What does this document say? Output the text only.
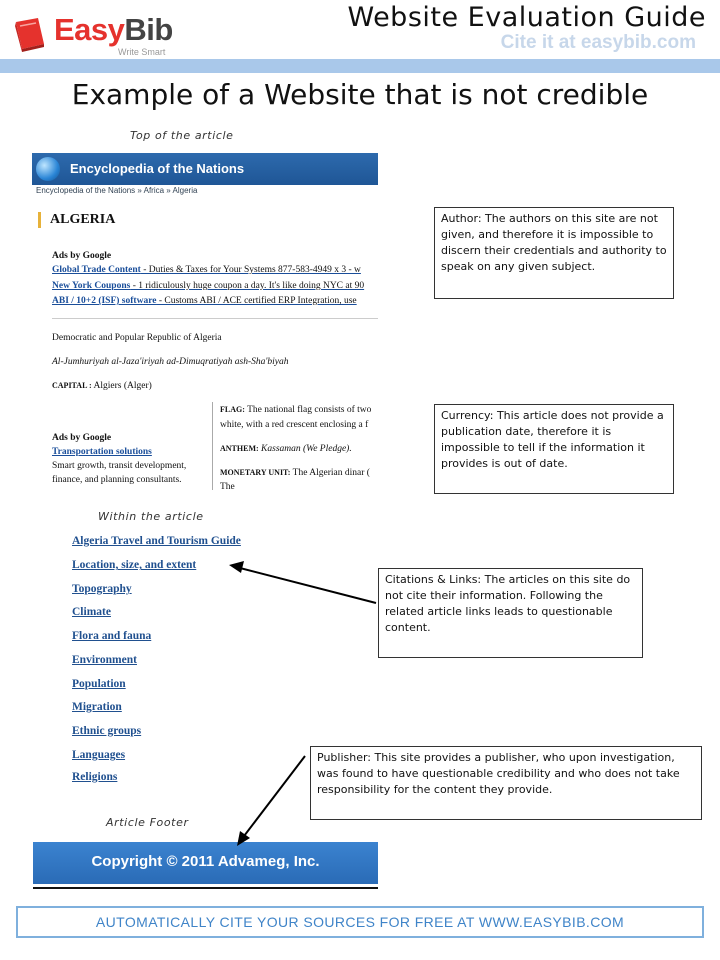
EasyBib
Write Smart
Website Evaluation Guide
Cite it at easybib.com
Example of a Website that is not credible
Top of the article
Within the article
Article Footer
Encyclopedia of the Nations
Encyclopedia of the Nations » Africa » Algeria
ALGERIA
Ads by Google
Global Trade Content - Duties & Taxes for Your Systems 877-583-4949 x 3 - w
New York Coupons - 1 ridiculously huge coupon a day. It's like doing NYC at 90
ABI / 10+2 (ISF) software - Customs ABI / ACE certified ERP Integration, use
Democratic and Popular Republic of Algeria
Al-Jumhuriyah al-Jaza'iriyah ad-Dimuqratiyah ash-Sha'biyah
CAPITAL : Algiers (Alger)
Ads by Google
Transportation solutions
Smart growth, transit development,
finance, and planning consultants.
FLAG: The national flag consists of two
white, with a red crescent enclosing a f
ANTHEM: Kassaman (We Pledge).
MONETARY UNIT: The Algerian dinar (
The
Algeria Travel and Tourism Guide
Location, size, and extent
Topography
Climate
Flora and fauna
Environment
Population
Migration
Ethnic groups
Languages
Religions
Copyright © 2011 Advameg, Inc.
Author: The authors on this site are not given, and therefore it is impossible to discern their credentials and authority to speak on any given subject.
Currency: This article does not provide a publication date, therefore it is impossible to tell if the information it provides is out of date.
Citations & Links: The articles on this site do not cite their information. Following the related article links leads to questionable content.
Publisher: This site provides a publisher, who upon investigation, was found to have questionable credibility and who does not take responsibility for the content they provide.
AUTOMATICALLY CITE YOUR SOURCES FOR FREE AT WWW.EASYBIB.COM
